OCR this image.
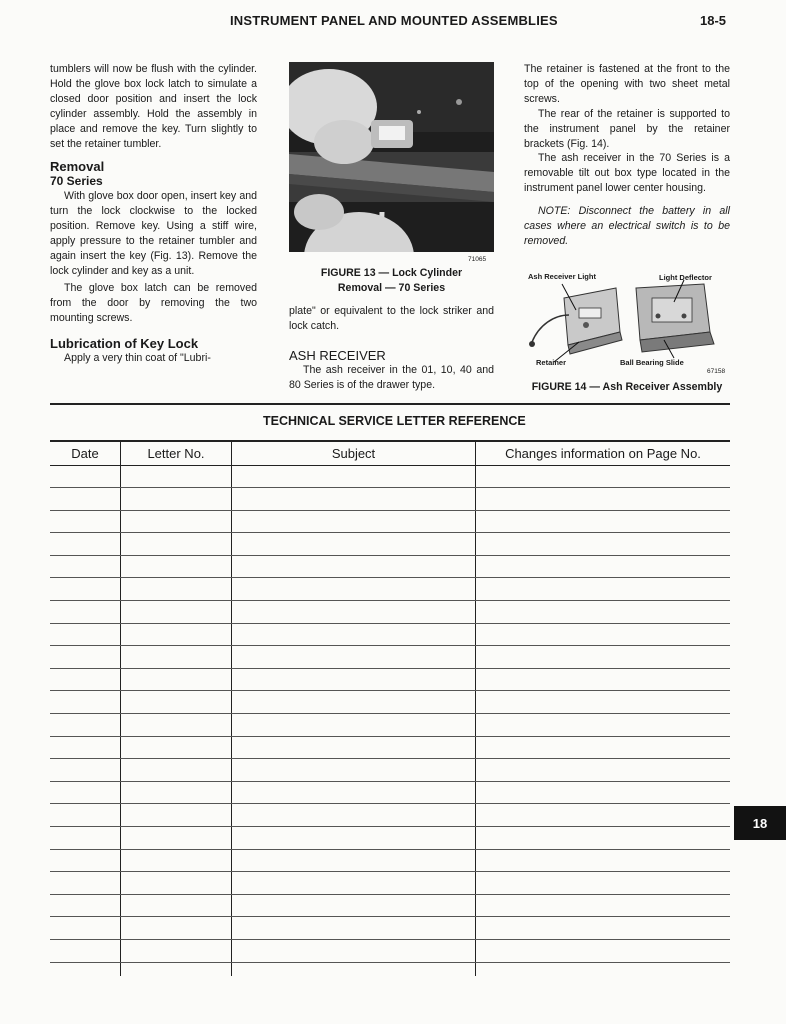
INSTRUMENT PANEL AND MOUNTED ASSEMBLIES	18-5

tumblers will now be flush with the cylinder. Hold the glove box lock latch to simulate a closed door position and insert the lock cylinder assembly. Hold the assembly in place and remove the key. Turn slightly to set the retainer tumbler.

Removal
70 Series

With glove box door open, insert key and turn the lock clockwise to the locked position. Remove key. Using a stiff wire, apply pressure to the retainer tumbler and again insert the key (Fig. 13). Remove the lock cylinder and key as a unit.

The glove box latch can be removed from the door by removing the two mounting screws.

Lubrication of Key Lock

Apply a very thin coat of "Lubri-

71065
FIGURE 13 — Lock Cylinder
Removal — 70 Series

plate" or equivalent to the lock striker and lock catch.

ASH RECEIVER

The ash receiver in the 01, 10, 40 and 80 Series is of the drawer type.

The retainer is fastened at the front to the top of the opening with two sheet metal screws.

The rear of the retainer is supported to the instrument panel by the retainer brackets (Fig. 14).

The ash receiver in the 70 Series is a removable tilt out box type located in the instrument panel lower center housing.

NOTE: Disconnect the battery in all cases where an electrical switch is to be removed.

Ash Receiver Light	Light Deflector
Retainer	Ball Bearing Slide
67158
FIGURE 14 — Ash Receiver Assembly
TECHNICAL SERVICE LETTER REFERENCE
Date	Letter No.	Subject	Changes information on Page No.
18
